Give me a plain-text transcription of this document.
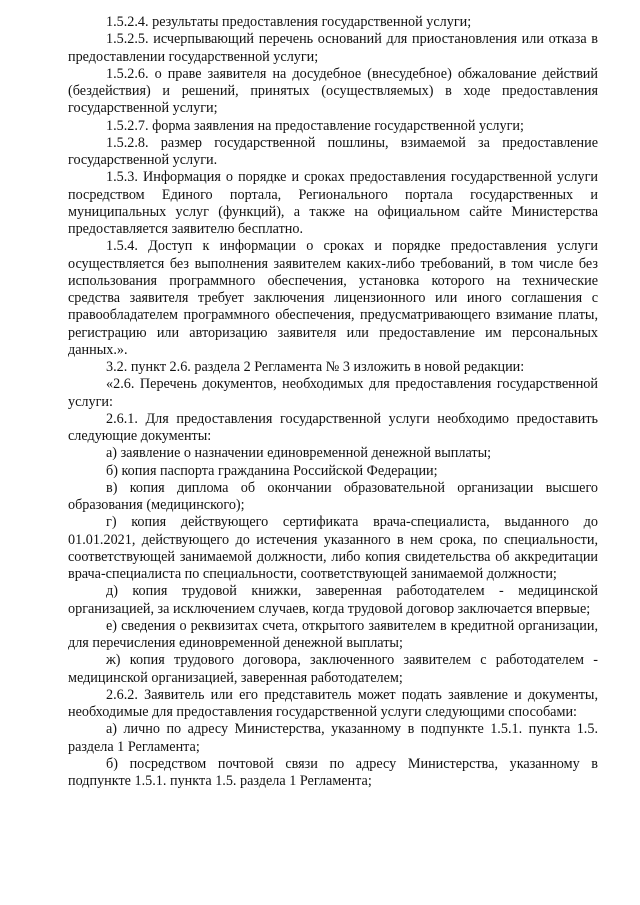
1.5.2.4. результаты предоставления государственной услуги;

1.5.2.5. исчерпывающий перечень оснований для приостановления или отказа в предоставлении государственной услуги;

1.5.2.6. о праве заявителя на досудебное (внесудебное) обжалование действий (бездействия) и решений, принятых (осуществляемых) в ходе предоставления государственной услуги;

1.5.2.7. форма заявления на предоставление государственной услуги;

1.5.2.8. размер государственной пошлины, взимаемой за предоставление государственной услуги.

1.5.3. Информация о порядке и сроках предоставления государственной услуги посредством Единого портала, Регионального портала государственных и муниципальных услуг (функций), а также на официальном сайте Министерства предоставляется заявителю бесплатно.

1.5.4. Доступ к информации о сроках и порядке предоставления услуги осуществляется без выполнения заявителем каких-либо требований, в том числе без использования программного обеспечения, установка которого на технические средства заявителя требует заключения лицензионного или иного соглашения с правообладателем программного обеспечения, предусматривающего взимание платы, регистрацию или авторизацию заявителя или предоставление им персональных данных.».

3.2. пункт 2.6. раздела 2 Регламента № 3 изложить в новой редакции:

«2.6. Перечень документов, необходимых для предоставления государственной услуги:

2.6.1. Для предоставления государственной услуги необходимо предоставить следующие документы:

а) заявление о назначении единовременной денежной выплаты;

б) копия паспорта гражданина Российской Федерации;

в) копия диплома об окончании образовательной организации высшего образования (медицинского);

г) копия действующего сертификата врача-специалиста, выданного до 01.01.2021, действующего до истечения указанного в нем срока, по специальности, соответствующей занимаемой должности, либо копия свидетельства об аккредитации врача-специалиста по специальности, соответствующей занимаемой должности;

д) копия трудовой книжки, заверенная работодателем - медицинской организацией, за исключением случаев, когда трудовой договор заключается впервые;

е) сведения о реквизитах счета, открытого заявителем в кредитной организации, для перечисления единовременной денежной выплаты;

ж) копия трудового договора, заключенного заявителем с работодателем - медицинской организацией, заверенная работодателем;

2.6.2. Заявитель или его представитель может подать заявление и документы, необходимые для предоставления государственной услуги следующими способами:

а) лично по адресу Министерства, указанному в подпункте 1.5.1. пункта 1.5. раздела 1 Регламента;

б) посредством почтовой связи по адресу Министерства, указанному в подпункте 1.5.1. пункта 1.5. раздела 1 Регламента;
